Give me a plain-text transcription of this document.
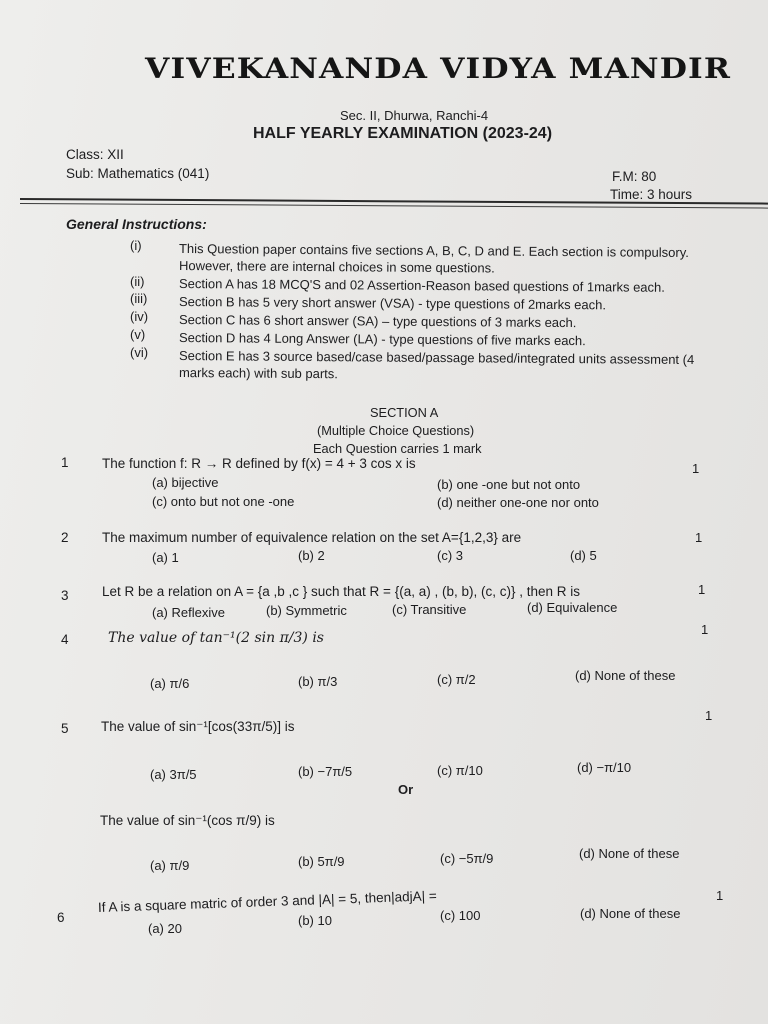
VIVEKANANDA VIDYA MANDIR
Sec. II, Dhurwa, Ranchi-4
HALF YEARLY EXAMINATION (2023-24)
Class: XII
Sub: Mathematics (041)	F.M: 80
Time: 3 hours
General Instructions:
(i)	This Question paper contains five sections A, B, C, D and E. Each section is compulsory.
However, there are internal choices in some questions.
(ii)	Section A has 18 MCQ'S and 02 Assertion-Reason based questions of 1marks each.
(iii) Section B has 5 very short answer (VSA) - type questions of 2marks each.
(iv) Section C has 6 short answer (SA) – type questions of 3 marks each.
(v)	Section D has 4 Long Answer (LA) - type questions of five marks each.
(vi) Section E has 3 source based/case based/passage based/integrated units assessment (4
marks each) with sub parts.
SECTION A
(Multiple Choice Questions)
Each Question carries 1 mark
1 The function f: R → R defined by f(x) = 4 + 3 cos x is	1
(a) bijective	(b) one -one but not onto
(c) onto but not one -one	(d) neither one-one nor onto
2 The maximum number of equivalence relation on the set A={1,2,3} are	1
(a) 1	(b) 2	(c) 3	(d) 5
3 Let R be a relation on A = {a ,b ,c } such that R = {(a, a) , (b, b), (c, c)} , then R is	1
(a) Reflexive	(b) Symmetric	(c) Transitive	(d) Equivalence
4	The value of tan⁻¹(2 sin π/3) is
1
(a) π/6	(b) π/3	(c) π/2	(d) None of these
5 The value of sin⁻¹[cos(33π/5)] is
1
(a) 3π/5	(b) −7π/5	(c) π/10	(d) −π/10
Or
The value of sin⁻¹(cos π/9) is
(a) π/9	(b) 5π/9	(c) −5π/9	(d) None of these
6
If A is a square matric of order 3 and |A| = 5, then|adjA| =	1
(a) 20
(b) 10	(c) 100	(d) None of these
